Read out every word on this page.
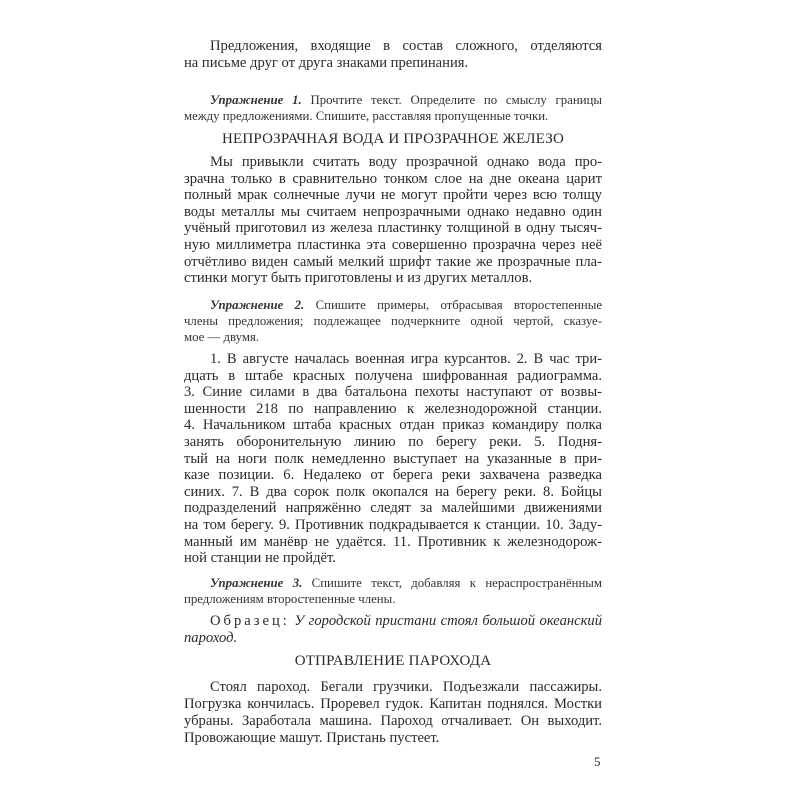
Предложения, входящие в состав сложного, отделяются
на письме друг от друга знаками препинания.
Упражнение 1. Прочтите текст. Определите по смыслу границы
между предложениями. Спишите, расставляя пропущенные точки.
НЕПРОЗРАЧНАЯ ВОДА И ПРОЗРАЧНОЕ ЖЕЛЕЗО
Мы привыкли считать воду прозрачной однако вода про-
зрачна только в сравнительно тонком слое на дне океана царит
полный мрак солнечные лучи не могут пройти через всю толщу
воды металлы мы считаем непрозрачными однако недавно один
учёный приготовил из железа пластинку толщиной в одну тысяч-
ную миллиметра пластинка эта совершенно прозрачна через неё
отчётливо виден самый мелкий шрифт такие же прозрачные пла-
стинки могут быть приготовлены и из других металлов.
Упражнение 2. Спишите примеры, отбрасывая второстепенные
члены предложения; подлежащее подчеркните одной чертой, сказуе-
мое — двумя.
1. В августе началась военная игра курсантов. 2. В час три-
дцать в штабе красных получена шифрованная радиограмма.
3. Синие силами в два батальона пехоты наступают от возвы-
шенности 218 по направлению к железнодорожной станции.
4. Начальником штаба красных отдан приказ командиру полка
занять оборонительную линию по берегу реки. 5. Подня-
тый на ноги полк немедленно выступает на указанные в при-
казе позиции. 6. Недалеко от берега реки захвачена разведка
синих. 7. В два сорок полк окопался на берегу реки. 8. Бойцы
подразделений напряжённо следят за малейшими движениями
на том берегу. 9. Противник подкрадывается к станции. 10. Заду-
манный им манёвр не удаётся. 11. Противник к железнодорож-
ной станции не пройдёт.
Упражнение 3. Спишите текст, добавляя к нераспространённым
предложениям второстепенные члены.
Образец: У городской пристани стоял большой океанский
пароход.
ОТПРАВЛЕНИЕ ПАРОХОДА
Стоял пароход. Бегали грузчики. Подъезжали пассажиры.
Погрузка кончилась. Проревел гудок. Капитан поднялся. Мостки
убраны. Заработала машина. Пароход отчаливает. Он выходит.
Провожающие машут. Пристань пустеет.
5
